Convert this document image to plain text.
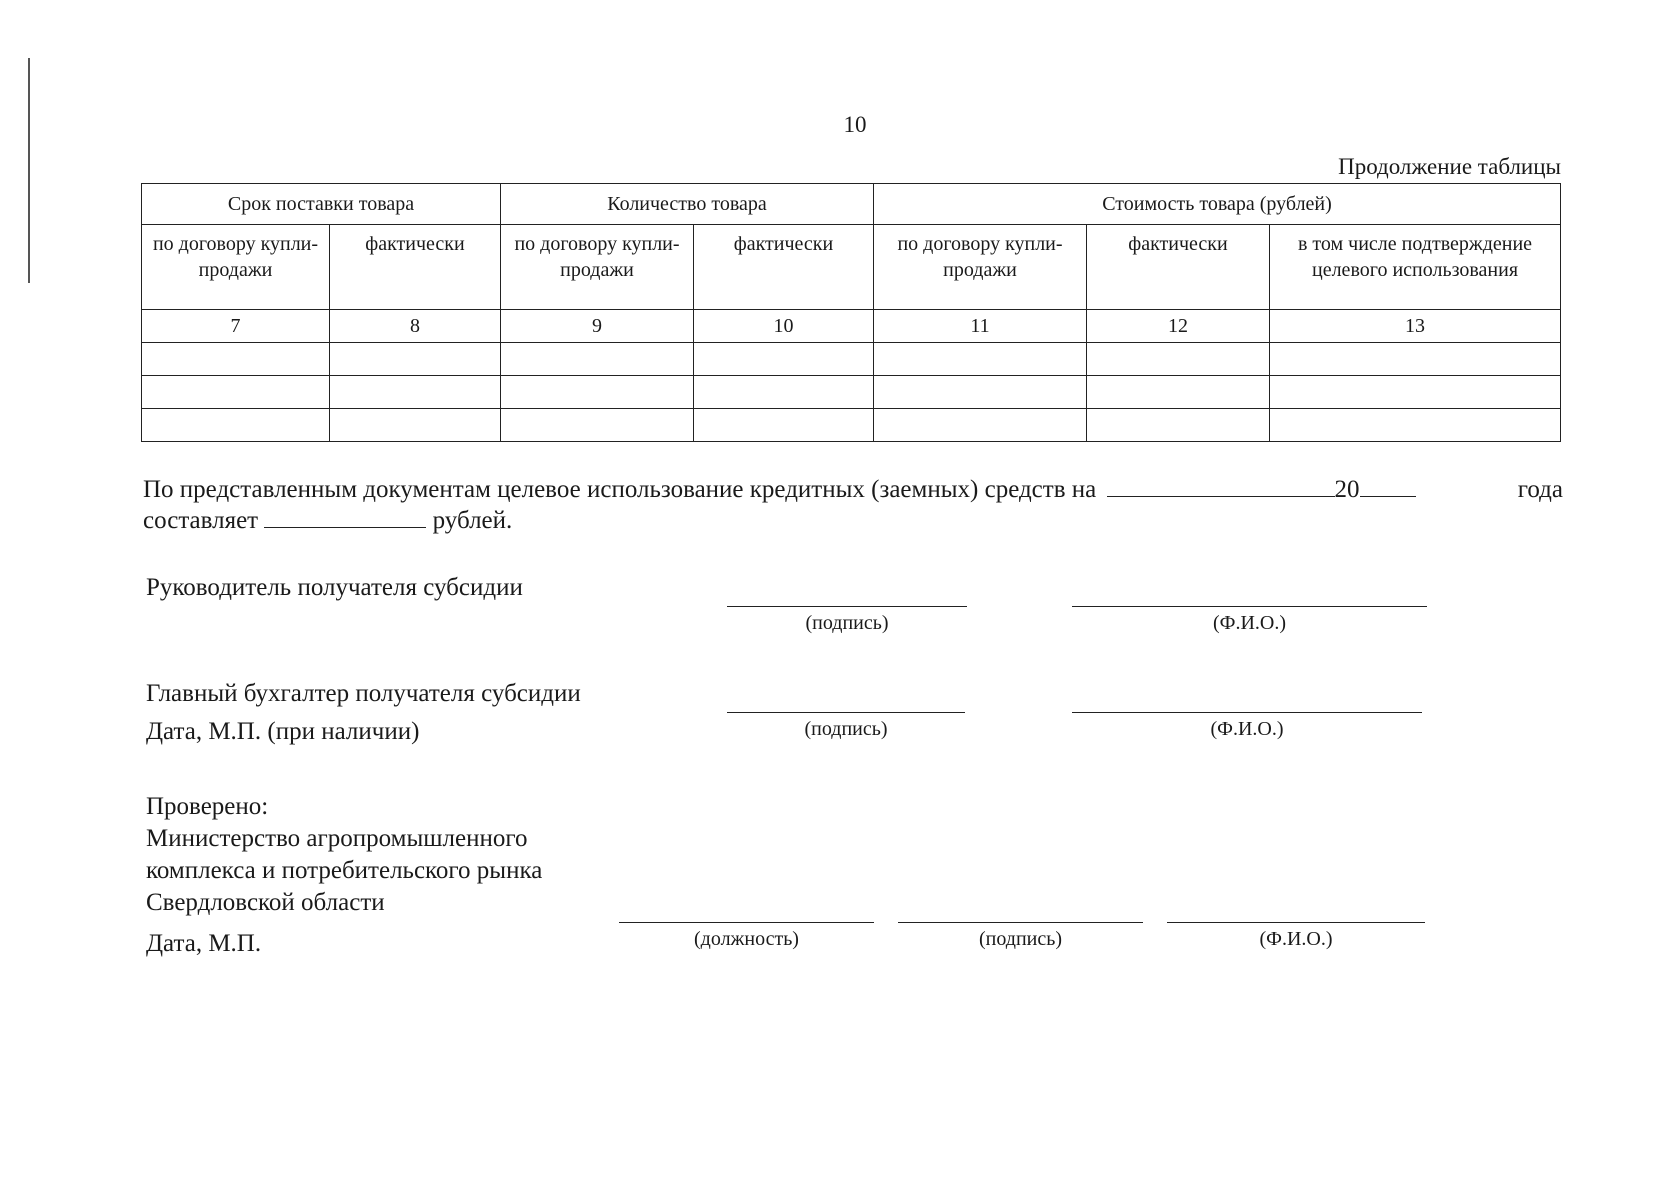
10
Продолжение таблицы
Срок поставки товара		Количество товара		Стоимость товара (рублей)		
по договору купли-продажи	фактически	по договору купли-продажи	фактически	по договору купли-продажи	фактически	в том числе подтверждение целевого использования
7	8	9	10	11	12	13

По представленным документам целевое использование кредитных (заемных) средств на	20	года
составляет	рублей.
Руководитель получателя субсидии
(подпись)	(Ф.И.О.)
Главный бухгалтер получателя субсидии
Дата, М.П. (при наличии)	(подпись)	(Ф.И.О.)
Проверено:
Министерство агропромышленного
комплекса и потребительского рынка
Свердловской области
Дата, М.П.	(должность)	(подпись)	(Ф.И.О.)
